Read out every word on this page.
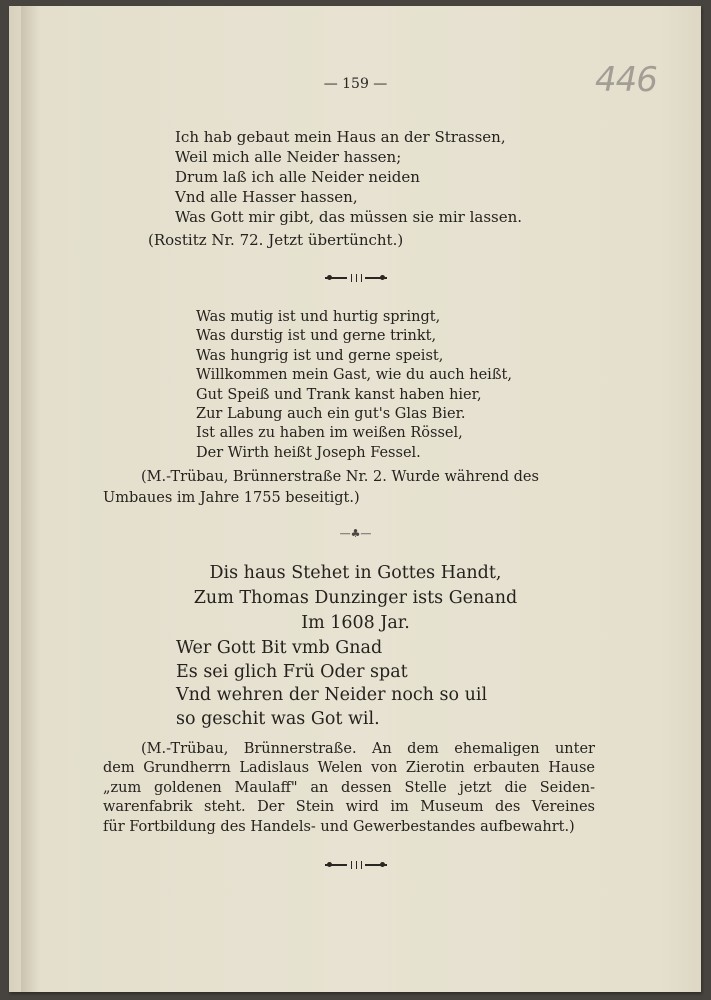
446
— 159 —
Ich hab gebaut mein Haus an der Strassen,
Weil mich alle Neider hassen;
Drum laß ich alle Neider neiden
Vnd alle Hasser hassen,
Was Gott mir gibt, das müssen sie mir lassen.
(Rostitz Nr. 72. Jetzt übertüncht.)
Was mutig ist und hurtig springt,
Was durstig ist und gerne trinkt,
Was hungrig ist und gerne speist,
Willkommen mein Gast, wie du auch heißt,
Gut Speiß und Trank kanst haben hier,
Zur Labung auch ein gut's Glas Bier.
Ist alles zu haben im weißen Rössel,
Der Wirth heißt Joseph Fessel.
(M.-Trübau, Brünnerstraße Nr. 2. Wurde während des
Umbaues im Jahre 1755 beseitigt.)
—♣—
Dis haus Stehet in Gottes Handt,
Zum Thomas Dunzinger ists Genand
Im 1608 Jar.
Wer Gott Bit vmb Gnad
Es sei glich Frü Oder spat
Vnd wehren der Neider noch so uil
so geschit was Got wil.
(M.-Trübau, Brünnerstraße. An dem ehemaligen unter
dem Grundherrn Ladislaus Welen von Zierotin erbauten Hause
„zum goldenen Maulaff" an dessen Stelle jetzt die Seiden-
warenfabrik steht. Der Stein wird im Museum des Vereines
für Fortbildung des Handels- und Gewerbestandes aufbewahrt.)
